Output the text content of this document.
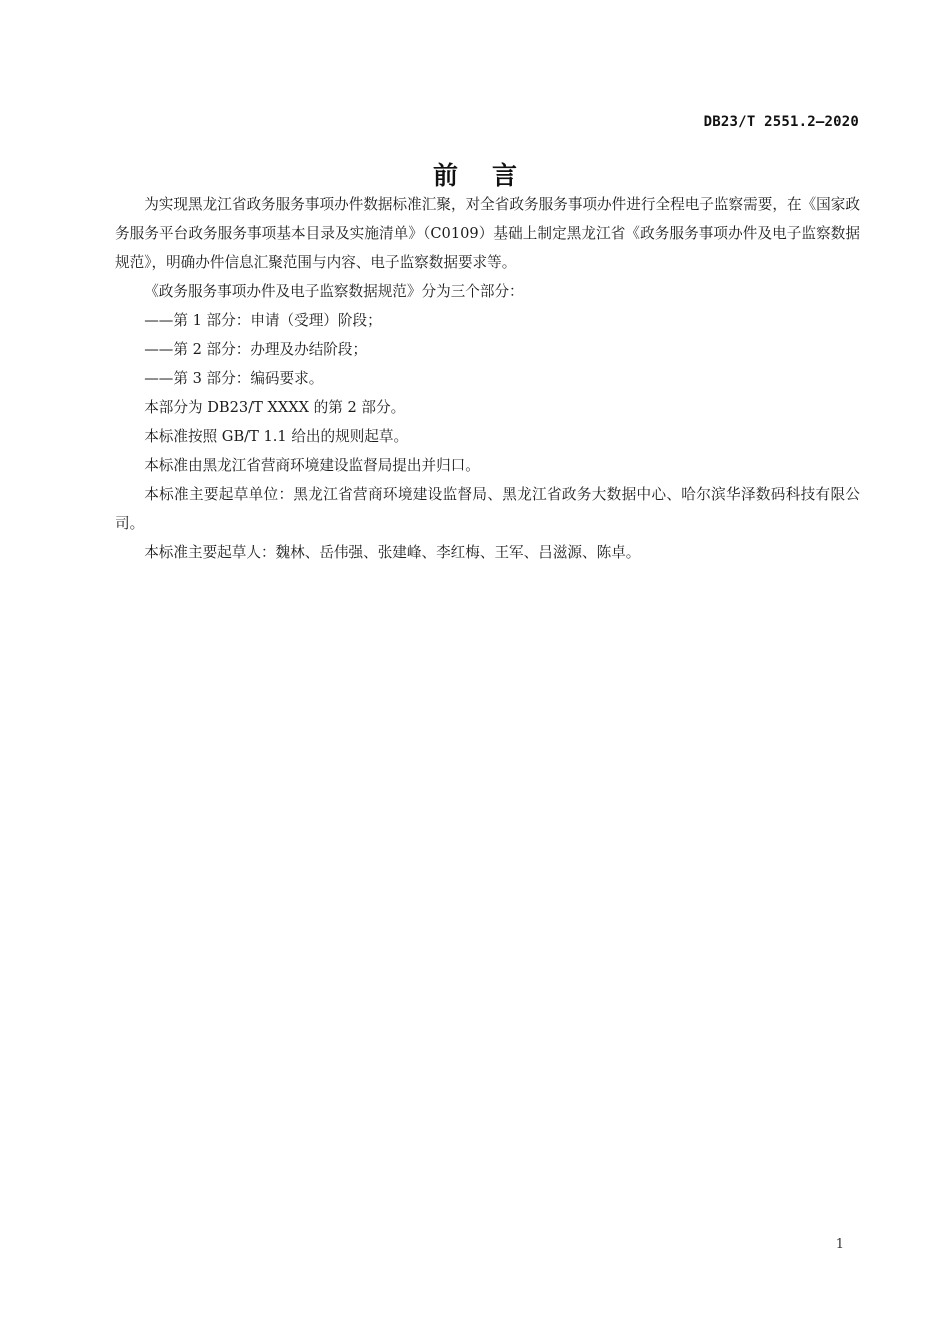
DB23/T 2551.2—2020
前言

为实现黑龙江省政务服务事项办件数据标准汇聚，对全省政务服务事项办件进行全程电子监察需要，在《国家政务服务平台政务服务事项基本目录及实施清单》（C0109）基础上制定黑龙江省《政务服务事项办件及电子监察数据规范》，明确办件信息汇聚范围与内容、电子监察数据要求等。

《政务服务事项办件及电子监察数据规范》分为三个部分：

——第 1 部分：申请（受理）阶段；

——第 2 部分：办理及办结阶段；

——第 3 部分：编码要求。

本部分为 DB23/T XXXX 的第 2 部分。

本标准按照 GB/T 1.1 给出的规则起草。

本标准由黑龙江省营商环境建设监督局提出并归口。

本标准主要起草单位：黑龙江省营商环境建设监督局、黑龙江省政务大数据中心、哈尔滨华泽数码科技有限公司。

本标准主要起草人：魏林、岳伟强、张建峰、李红梅、王军、吕滋源、陈卓。

1
